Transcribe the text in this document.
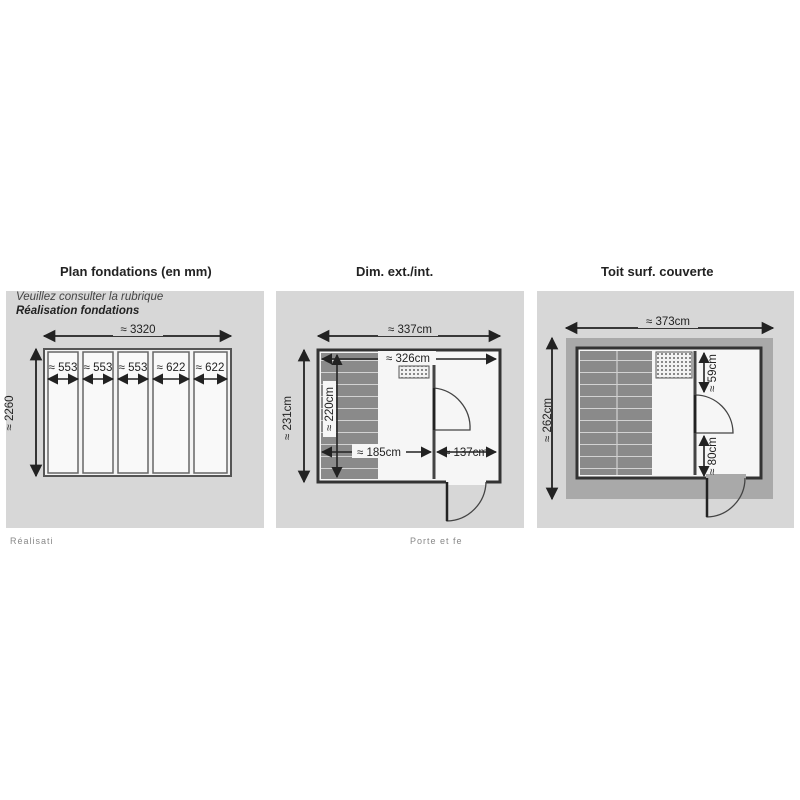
Plan fondations (en mm)	Dim. ext./int.	Toit surf. couverte
Veuillez consulter la rubrique
Réalisation fondations
Réalisati	Porte et fe
≈ 3320
≈ 2260
≈ 553 ≈ 553 ≈ 553 ≈ 622 ≈ 622
≈ 337cm
≈ 326cm
≈ 231cm	≈ 220cm
≈ 185cm	≈ 137cm
≈ 373cm
≈ 262cm
≈ 59cm
≈ 80cm
